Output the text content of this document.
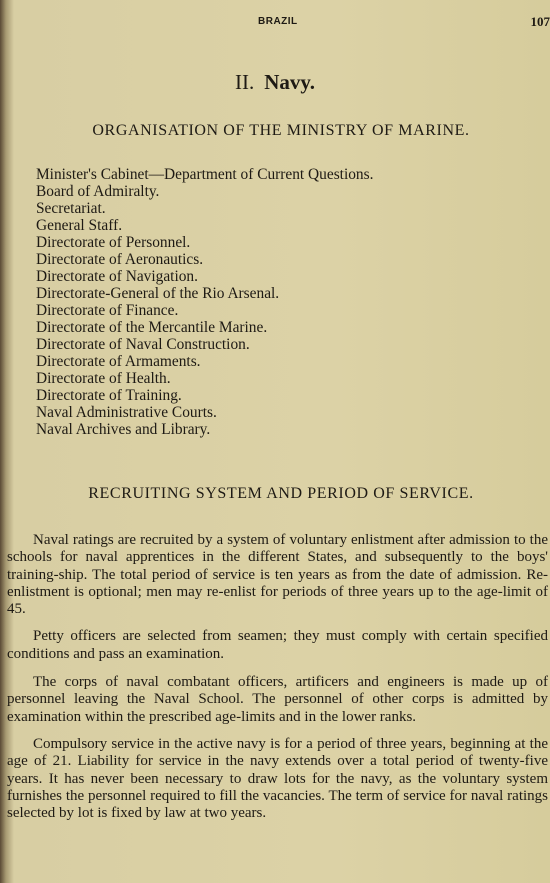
BRAZIL	107
II. Navy.
ORGANISATION OF THE MINISTRY OF MARINE.
Minister's Cabinet—Department of Current Questions.
Board of Admiralty.
Secretariat.
General Staff.
Directorate of Personnel.
Directorate of Aeronautics.
Directorate of Navigation.
Directorate-General of the Rio Arsenal.
Directorate of Finance.
Directorate of the Mercantile Marine.
Directorate of Naval Construction.
Directorate of Armaments.
Directorate of Health.
Directorate of Training.
Naval Administrative Courts.
Naval Archives and Library.
RECRUITING SYSTEM AND PERIOD OF SERVICE.

Naval ratings are recruited by a system of voluntary enlistment after admission to the schools for naval apprentices in the different States, and subsequently to the boys' training-ship. The total period of service is ten years as from the date of admission. Re-enlistment is optional; men may re-enlist for periods of three years up to the age-limit of 45.

Petty officers are selected from seamen; they must comply with certain specified conditions and pass an examination.

The corps of naval combatant officers, artificers and engineers is made up of personnel leaving the Naval School. The personnel of other corps is admitted by examination within the prescribed age-limits and in the lower ranks.

Compulsory service in the active navy is for a period of three years, beginning at the age of 21. Liability for service in the navy extends over a total period of twenty-five years. It has never been necessary to draw lots for the navy, as the voluntary system furnishes the personnel required to fill the vacancies. The term of service for naval ratings selected by lot is fixed by law at two years.
